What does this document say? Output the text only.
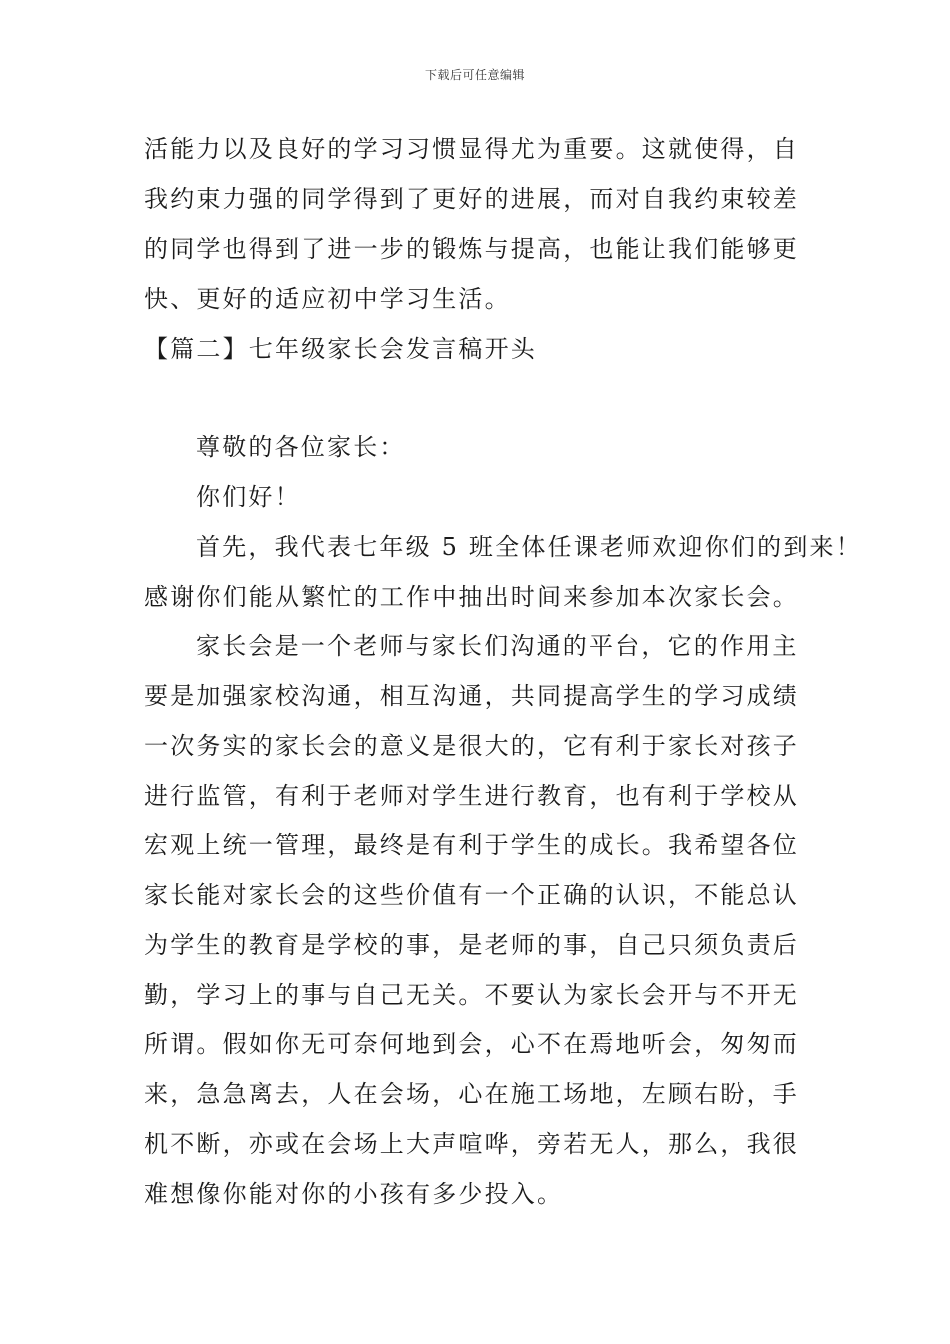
下载后可任意编辑
活能力以及良好的学习习惯显得尤为重要。这就使得，自
我约束力强的同学得到了更好的进展，而对自我约束较差
的同学也得到了进一步的锻炼与提高，也能让我们能够更
快、更好的适应初中学习生活。
【篇二】七年级家长会发言稿开头
尊敬的各位家长：
你们好！
首先，我代表七年级 5 班全体任课老师欢迎你们的到来！
感谢你们能从繁忙的工作中抽出时间来参加本次家长会。
家长会是一个老师与家长们沟通的平台，它的作用主
要是加强家校沟通，相互沟通，共同提高学生的学习成绩
一次务实的家长会的意义是很大的，它有利于家长对孩子
进行监管，有利于老师对学生进行教育，也有利于学校从
宏观上统一管理，最终是有利于学生的成长。我希望各位
家长能对家长会的这些价值有一个正确的认识，不能总认
为学生的教育是学校的事，是老师的事，自己只须负责后
勤，学习上的事与自己无关。不要认为家长会开与不开无
所谓。假如你无可奈何地到会，心不在焉地听会，匆匆而
来，急急离去，人在会场，心在施工场地，左顾右盼，手
机不断，亦或在会场上大声喧哗，旁若无人，那么，我很
难想像你能对你的小孩有多少投入。
